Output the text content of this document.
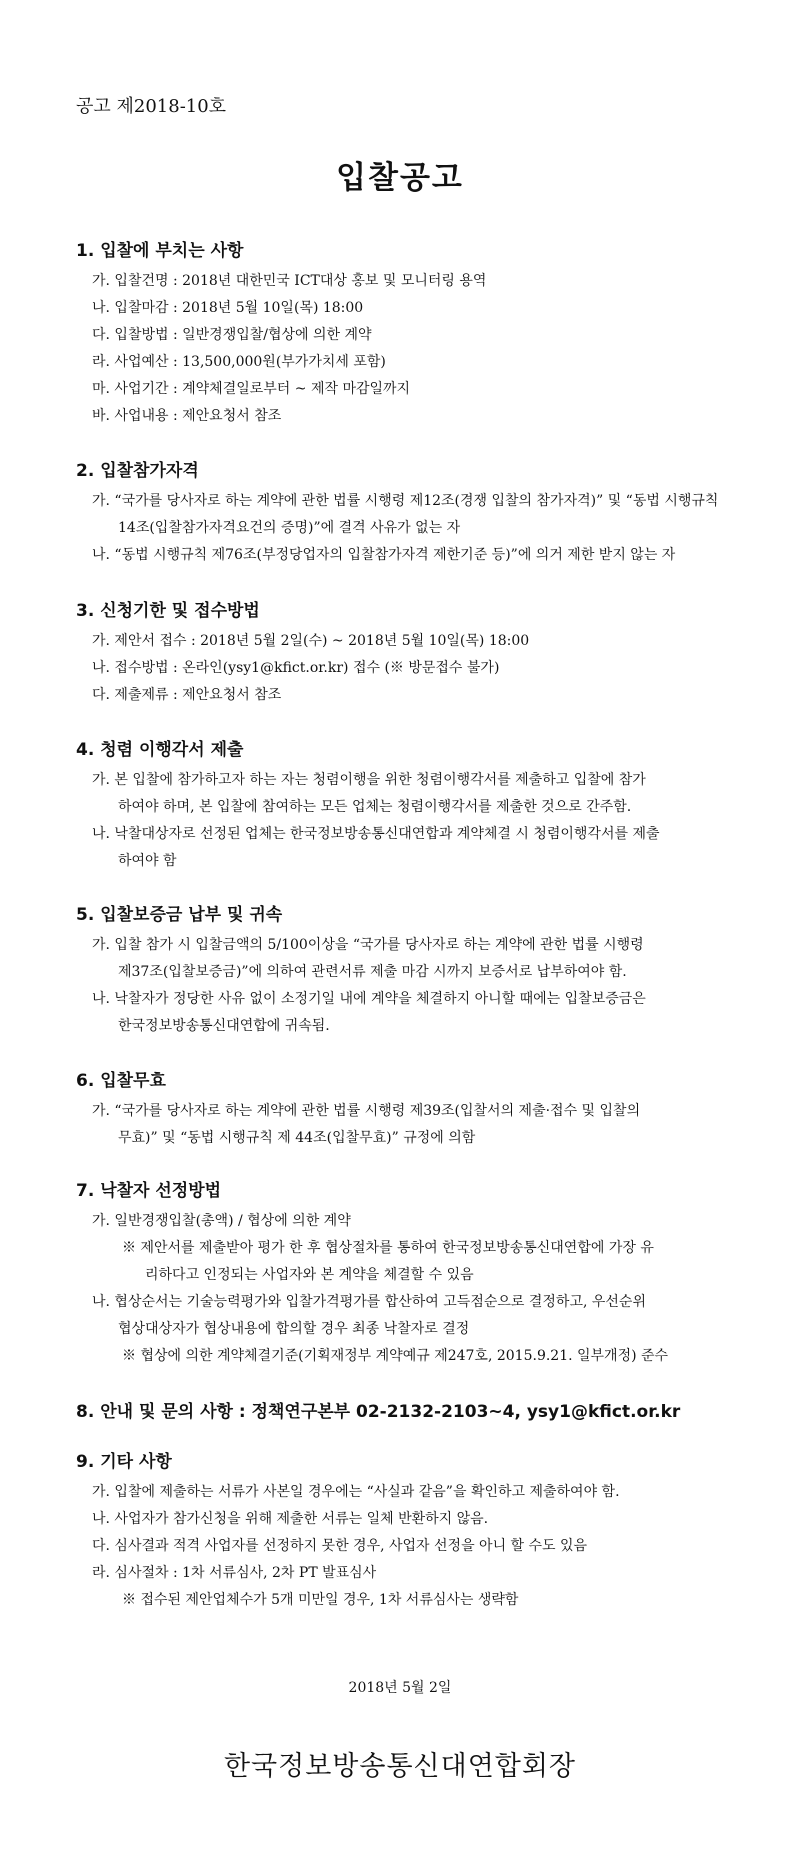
공고 제2018-10호
입찰공고
1. 입찰에 부치는 사항
가. 입찰건명 : 2018년 대한민국 ICT대상 홍보 및 모니터링 용역
나. 입찰마감 : 2018년 5월 10일(목) 18:00
다. 입찰방법 : 일반경쟁입찰/협상에 의한 계약
라. 사업예산 : 13,500,000원(부가가치세 포함)
마. 사업기간 : 계약체결일로부터 ~ 제작 마감일까지
바. 사업내용 : 제안요청서 참조
2. 입찰참가자격
가. “국가를 당사자로 하는 계약에 관한 법률 시행령 제12조(경쟁 입찰의 참가자격)” 및 “동법 시행규칙
14조(입찰참가자격요건의 증명)”에 결격 사유가 없는 자
나. “동법 시행규칙 제76조(부정당업자의 입찰참가자격 제한기준 등)”에 의거 제한 받지 않는 자
3. 신청기한 및 접수방법
가. 제안서 접수 : 2018년 5월 2일(수) ~ 2018년 5월 10일(목) 18:00
나. 접수방법 : 온라인(ysy1@kfict.or.kr) 접수 (※ 방문접수 불가)
다. 제출제류 : 제안요청서 참조
4. 청렴 이행각서 제출
가. 본 입찰에 참가하고자 하는 자는 청렴이행을 위한 청렴이행각서를 제출하고 입찰에 참가
하여야 하며, 본 입찰에 참여하는 모든 업체는 청렴이행각서를 제출한 것으로 간주함.
나. 낙찰대상자로 선정된 업체는 한국정보방송통신대연합과 계약체결 시 청렴이행각서를 제출
하여야 함
5. 입찰보증금 납부 및 귀속
가. 입찰 참가 시 입찰금액의 5/100이상을 “국가를 당사자로 하는 계약에 관한 법률 시행령
제37조(입찰보증금)”에 의하여 관련서류 제출 마감 시까지 보증서로 납부하여야 함.
나. 낙찰자가 정당한 사유 없이 소정기일 내에 계약을 체결하지 아니할 때에는 입찰보증금은
한국정보방송통신대연합에 귀속됨.
6. 입찰무효
가. “국가를 당사자로 하는 계약에 관한 법률 시행령 제39조(입찰서의 제출·접수 및 입찰의
무효)” 및 “동법 시행규칙 제 44조(입찰무효)” 규정에 의함
7. 낙찰자 선정방법
가. 일반경쟁입찰(총액) / 협상에 의한 계약
※ 제안서를 제출받아 평가 한 후 협상절차를 통하여 한국정보방송통신대연합에 가장 유
리하다고 인정되는 사업자와 본 계약을 체결할 수 있음
나. 협상순서는 기술능력평가와 입찰가격평가를 합산하여 고득점순으로 결정하고, 우선순위
협상대상자가 협상내용에 합의할 경우 최종 낙찰자로 결정
※ 협상에 의한 계약체결기준(기획재정부 계약예규 제247호, 2015.9.21. 일부개정) 준수
8. 안내 및 문의 사항 : 정책연구본부 02-2132-2103~4, ysy1@kfict.or.kr
9. 기타 사항
가. 입찰에 제출하는 서류가 사본일 경우에는 “사실과 같음”을 확인하고 제출하여야 함.
나. 사업자가 참가신청을 위해 제출한 서류는 일체 반환하지 않음.
다. 심사결과 적격 사업자를 선정하지 못한 경우, 사업자 선정을 아니 할 수도 있음
라. 심사절차 : 1차 서류심사, 2차 PT 발표심사
※ 접수된 제안업체수가 5개 미만일 경우, 1차 서류심사는 생략함
2018년 5월 2일
한국정보방송통신대연합회장
